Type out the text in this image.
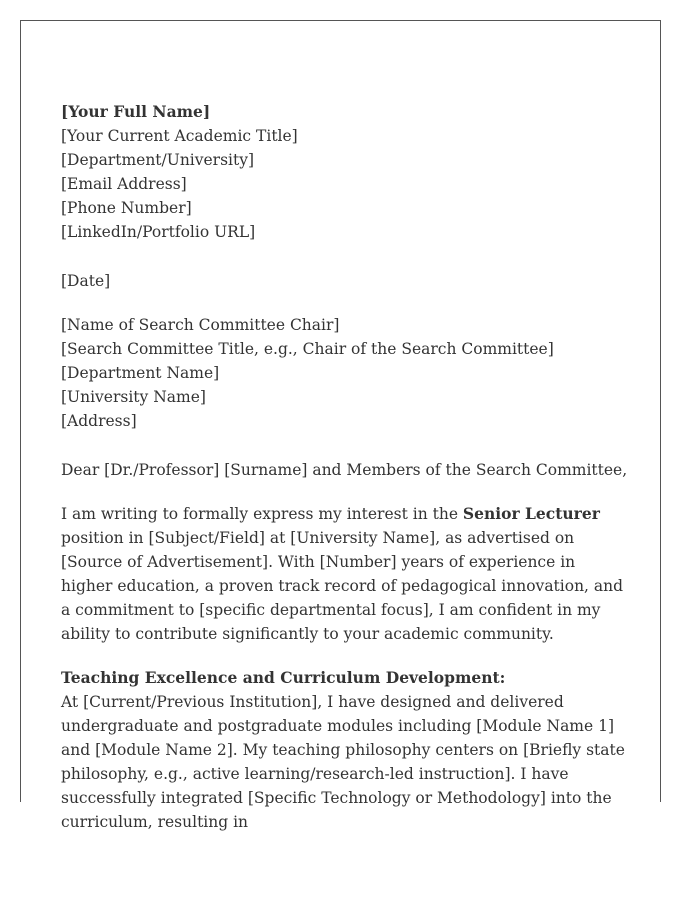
[Your Full Name]
[Your Current Academic Title]
[Department/University]
[Email Address]
[Phone Number]
[LinkedIn/Portfolio URL]
[Date]
[Name of Search Committee Chair]
[Search Committee Title, e.g., Chair of the Search Committee]
[Department Name]
[University Name]
[Address]

Dear [Dr./Professor] [Surname] and Members of the Search Committee,

I am writing to formally express my interest in the Senior Lecturer position in [Subject/Field] at [University Name], as advertised on [Source of Advertisement]. With [Number] years of experience in higher education, a proven track record of pedagogical innovation, and a commitment to [specific departmental focus], I am confident in my ability to contribute significantly to your academic community.

Teaching Excellence and Curriculum Development:

At [Current/Previous Institution], I have designed and delivered undergraduate and postgraduate modules including [Module Name 1] and [Module Name 2]. My teaching philosophy centers on [Briefly state philosophy, e.g., active learning/research-led instruction]. I have successfully integrated [Specific Technology or Methodology] into the curriculum, resulting in
